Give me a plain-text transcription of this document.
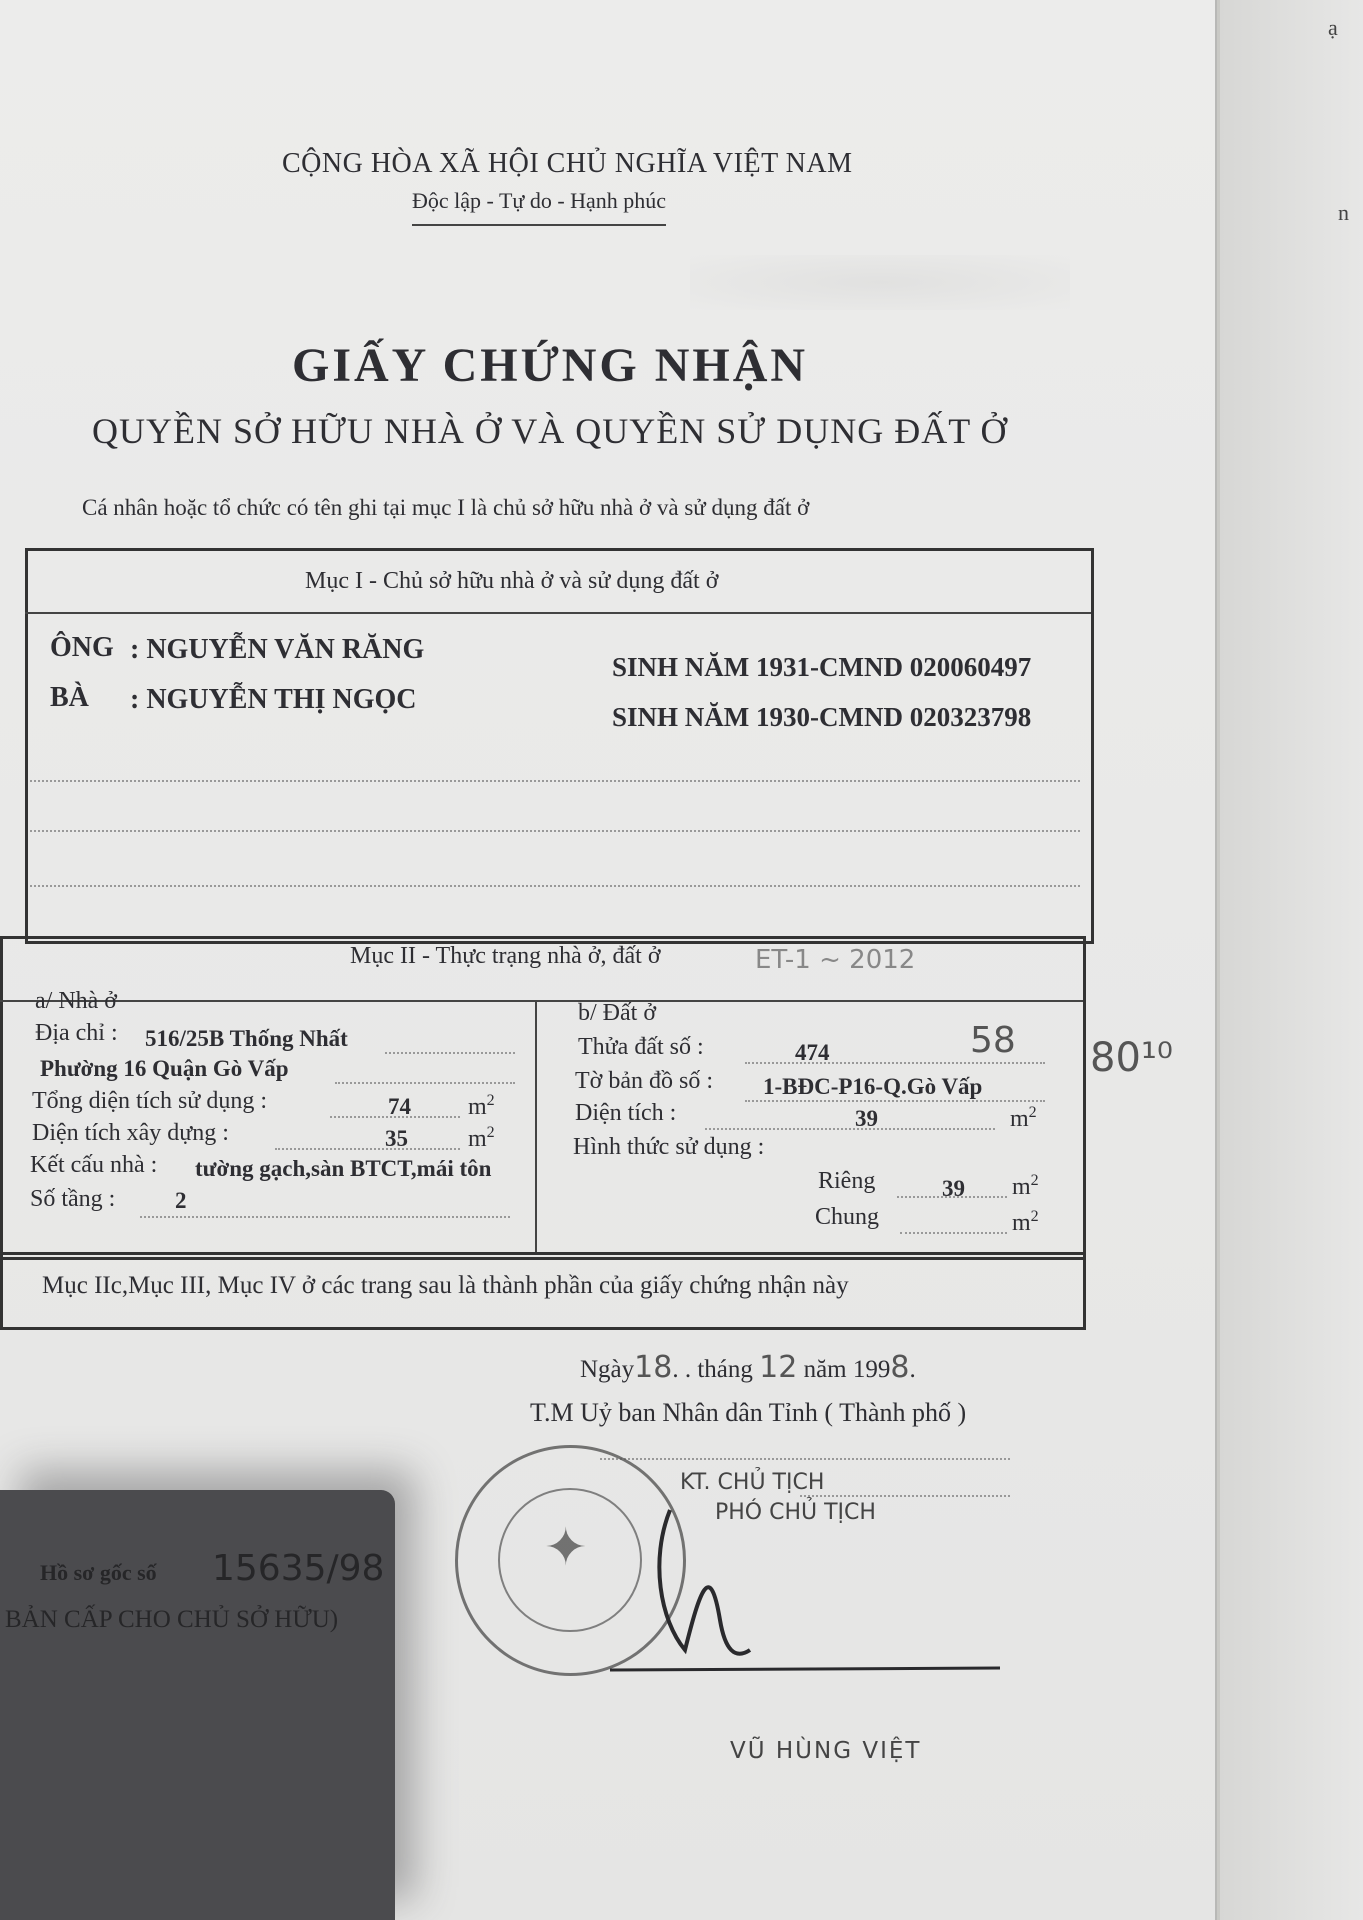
CỘNG HÒA XÃ HỘI CHỦ NGHĨA VIỆT NAM
Độc lập - Tự do - Hạnh phúc
GIẤY CHỨNG NHẬN
QUYỀN SỞ HỮU NHÀ Ở VÀ QUYỀN SỬ DỤNG ĐẤT Ở
Cá nhân hoặc tổ chức có tên ghi tại mục I là chủ sở hữu nhà ở và sử dụng đất ở
Mục I - Chủ sở hữu nhà ở và sử dụng đất ở
ÔNG : NGUYỄN VĂN RĂNG
SINH NĂM 1931-CMND 020060497
BÀ : NGUYỄN THỊ NGỌC
SINH NĂM 1930-CMND 020323798
Mục II - Thực trạng nhà ở, đất ở	ET-1 ~ 2012
a/ Nhà ở
Địa chỉ : 516/25B Thống Nhất
Phường 16 Quận Gò Vấp
Tổng diện tích sử dụng :	74 $m^2$
Diện tích xây dựng :	35	$m^2$
Kết cấu nhà : tường gạch,sàn BTCT,mái tôn
Số tầng :	2
b/ Đất ở
Thửa đất số :	474	58
Tờ bản đồ số : 1-BĐC-P16-Q.Gò Vấp
Diện tích :	39	$m^2$
Hình thức sử dụng :
Riêng	39 $m^2$
Chung	$m^2$
Mục IIc,Mục III, Mục IV ở các trang sau là thành phần của giấy chứng nhận này
Ngày18. . tháng 12 năm 1998.
T.M Uỷ ban Nhân dân Tỉnh ( Thành phố )
✦
KT. CHỦ TỊCH
PHÓ CHỦ TỊCH
VŨ HÙNG VIỆT
80¹⁰
Hồ sơ gốc số 15635/98
BẢN CẤP CHO CHỦ SỞ HỮU)
ạ
n
